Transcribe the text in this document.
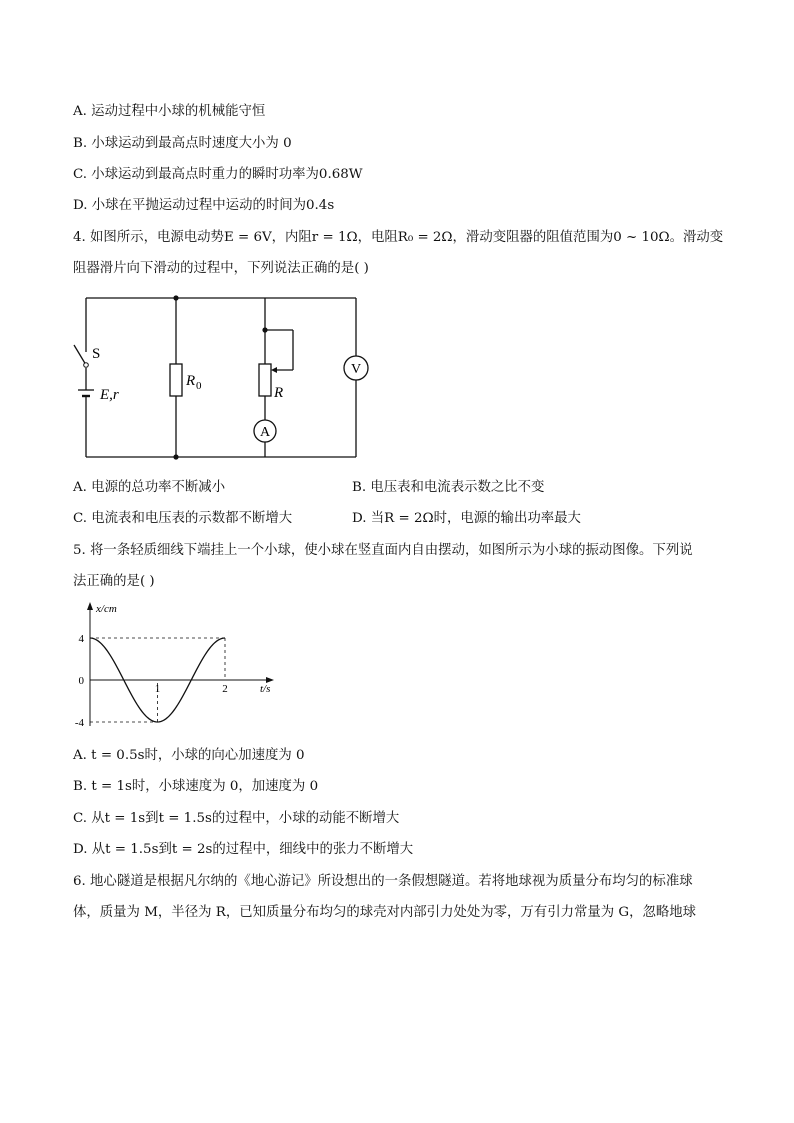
A. 运动过程中小球的机械能守恒
B. 小球运动到最高点时速度大小为 0
C. 小球运动到最高点时重力的瞬时功率为0.68W
D. 小球在平抛运动过程中运动的时间为0.4s
4. 如图所示，电源电动势E = 6V，内阻r = 1Ω，电阻R₀ = 2Ω，滑动变阻器的阻值范围为0 ~ 10Ω。滑动变
阻器滑片向下滑动的过程中，下列说法正确的是( )
S
E,r
R 0	R
A
V
A. 电源的总功率不断减小	B. 电压表和电流表示数之比不变
C. 电流表和电压表的示数都不断增大	D. 当R = 2Ω时，电源的输出功率最大
5. 将一条轻质细线下端挂上一个小球，使小球在竖直面内自由摆动，如图所示为小球的振动图像。下列说
法正确的是( )
x/cm
t/s
4
0
-4
1	2
A. t = 0.5s时，小球的向心加速度为 0
B. t = 1s时，小球速度为 0，加速度为 0
C. 从t = 1s到t = 1.5s的过程中，小球的动能不断增大
D. 从t = 1.5s到t = 2s的过程中，细线中的张力不断增大
6. 地心隧道是根据凡尔纳的《地心游记》所设想出的一条假想隧道。若将地球视为质量分布均匀的标准球
体，质量为 M，半径为 R，已知质量分布均匀的球壳对内部引力处处为零，万有引力常量为 G，忽略地球
